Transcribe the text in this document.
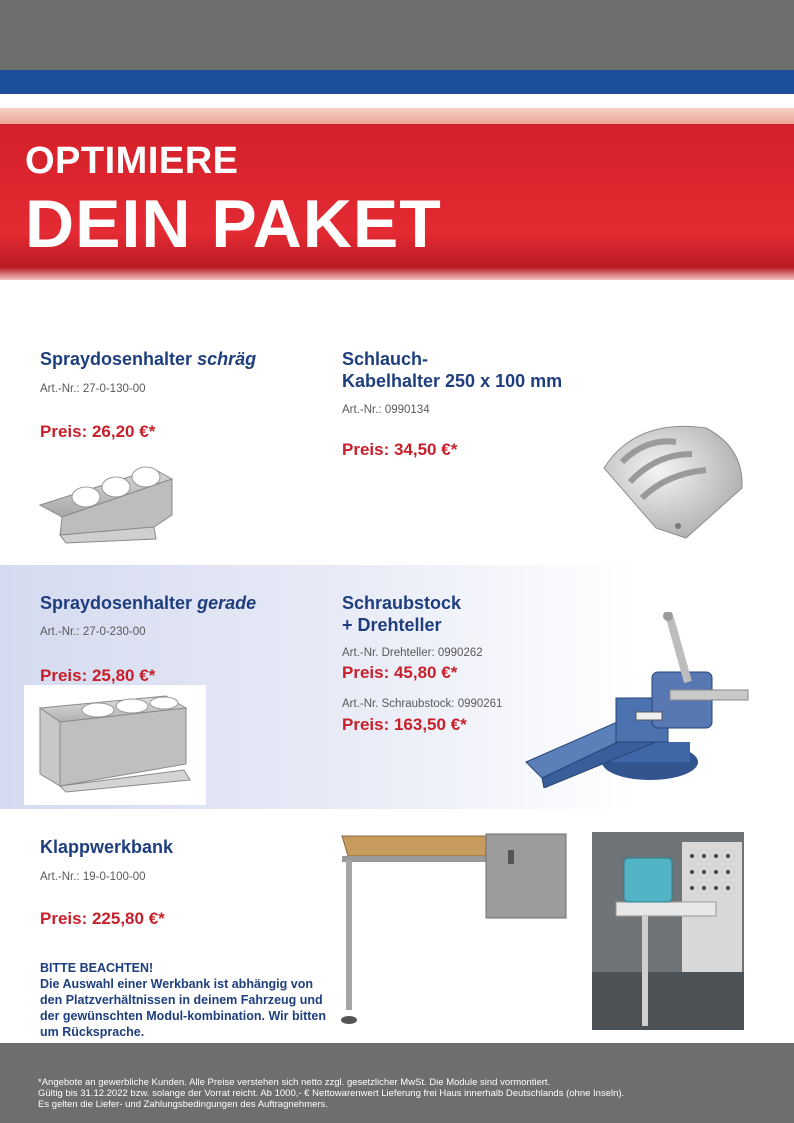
OPTIMIERE
DEIN PAKET
Spraydosenhalter schräg
Art.-Nr.: 27-0-130-00
Preis: 26,20 €*
Schlauch-
Kabelhalter 250 x 100 mm
Art.-Nr.: 0990134
Preis: 34,50 €*
Spraydosenhalter gerade
Art.-Nr.: 27-0-230-00
Preis: 25,80 €*
Schraubstock
+ Drehteller
Art.-Nr. Drehteller: 0990262
Preis: 45,80 €*
Art.-Nr. Schraubstock: 0990261
Preis: 163,50 €*
Klappwerkbank
Art.-Nr.: 19-0-100-00
Preis: 225,80 €*
BITTE BEACHTEN!
Die Auswahl einer Werkbank ist abhängig von den Platzverhältnissen in deinem Fahrzeug und der gewünschten Modul-kombination. Wir bitten um Rücksprache.
*Angebote an gewerbliche Kunden. Alle Preise verstehen sich netto zzgl. gesetzlicher MwSt. Die Module sind vormontiert.
Gültig bis 31.12.2022 bzw. solange der Vorrat reicht. Ab 1000,- € Nettowarenwert Lieferung frei Haus innerhalb Deutschlands (ohne Inseln).
Es gelten die Liefer- und Zahlungsbedingungen des Auftragnehmers.
